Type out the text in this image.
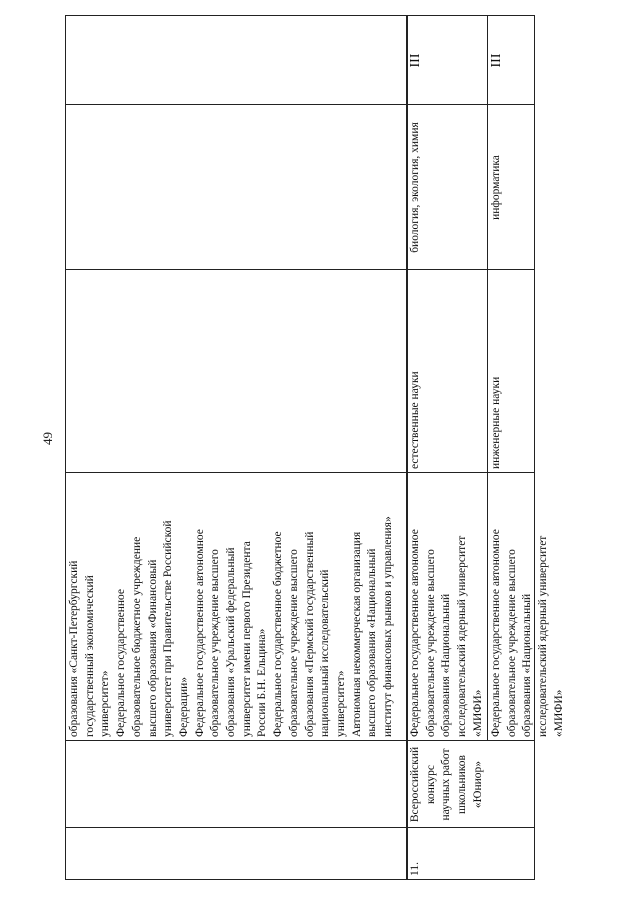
49
образования «Санкт-Петербургский государственный экономический университет» Федеральное государственное образовательное бюджетное учреждение высшего образования «Финансовый университет при Правительстве Российской Федерации» Федеральное государственное автономное образовательное учреждение высшего образования «Уральский федеральный университет имени первого Президента России Б.Н. Ельцина» Федеральное государственное бюджетное образовательное учреждение высшего образования «Пермский государственный национальный исследовательский университет» Автономная некоммерческая организация высшего образования «Национальный институт финансовых рынков и управления»
11.
Всероссийский конкурс научных работ школьников «Юниор»
Федеральное государственное автономное образовательное учреждение высшего образования «Национальный исследовательский ядерный университет «МИФИ»
естественные науки
биология, экология, химия
III
Федеральное государственное автономное образовательное учреждение высшего образования «Национальный исследовательский ядерный университет «МИФИ»
инженерные науки
информатика
III
